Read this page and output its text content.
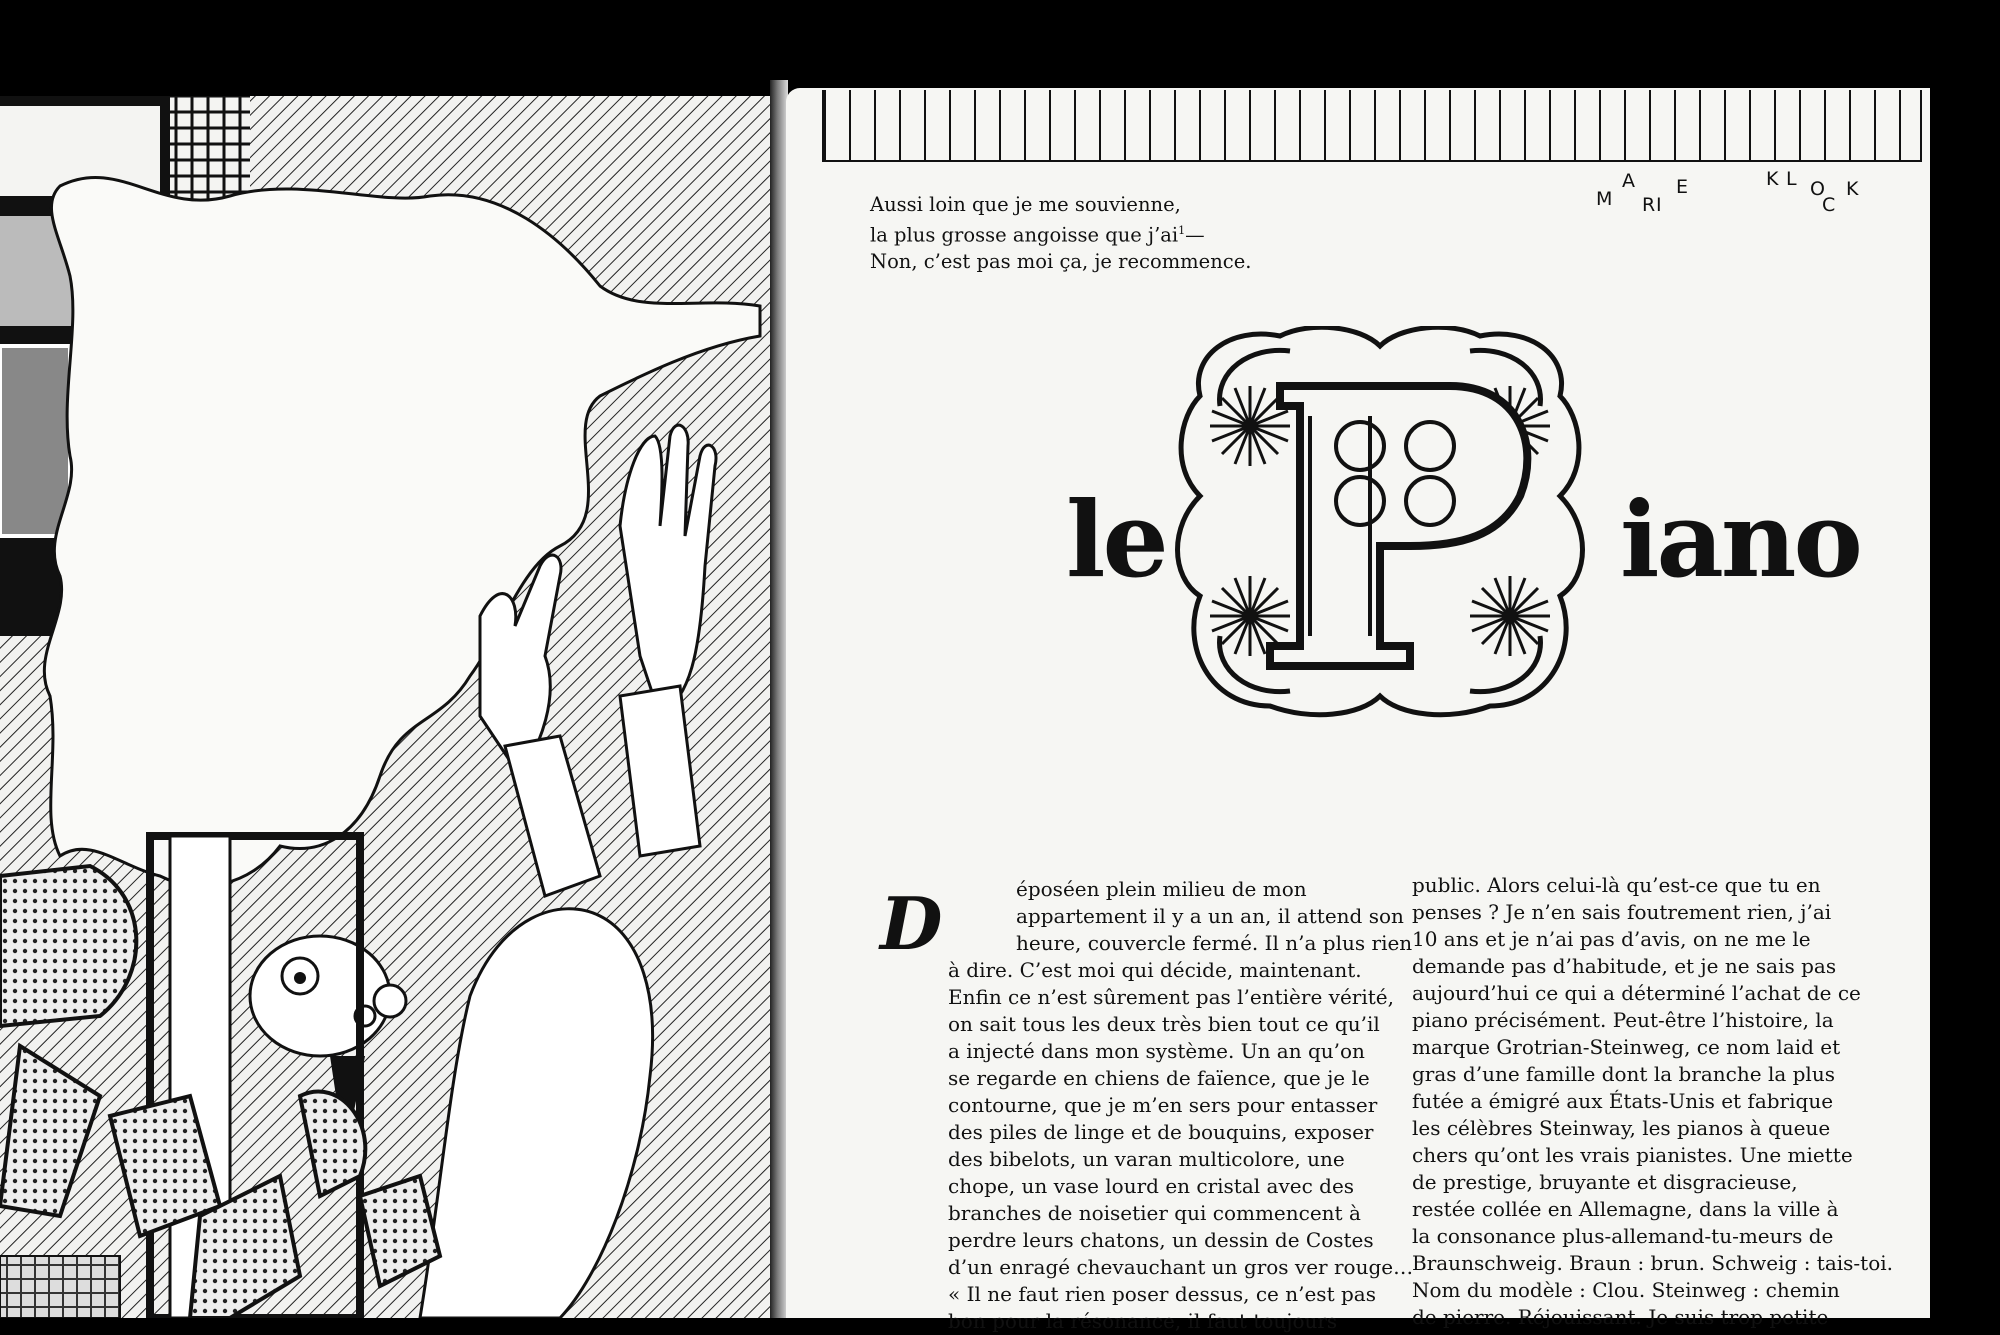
M
A
R I
E	K L O
C
K
Aussi loin que je me souvienne,
la plus grosse angoisse que $j’ai^1—$
Non, c’est pas moi ça, je recommence.
le	P	iano
D	époséen plein milieu de mon
appartement il y a un an, il attend son
heure, couvercle fermé. Il n’a plus rien
à dire. C’est moi qui décide, maintenant.
Enfin ce n’est sûrement pas l’entière vérité,
on sait tous les deux très bien tout ce qu’il
a injecté dans mon système. Un an qu’on
se regarde en chiens de faïence, que je le
contourne, que je m’en sers pour entasser
des piles de linge et de bouquins, exposer
des bibelots, un varan multicolore, une
chope, un vase lourd en cristal avec des
branches de noisetier qui commencent à
perdre leurs chatons, un dessin de Costes
d’un enragé chevauchant un gros ver rouge…
« Il ne faut rien poser dessus, ce n’est pas
bon pour la résonance, il faut toujours
public. Alors celui-là qu’est-ce que tu en
penses ? Je n’en sais foutrement rien, j’ai
10 ans et je n’ai pas d’avis, on ne me le
demande pas d’habitude, et je ne sais pas
aujourd’hui ce qui a déterminé l’achat de ce
piano précisément. Peut-être l’histoire, la
marque Grotrian-Steinweg, ce nom laid et
gras d’une famille dont la branche la plus
futée a émigré aux États-Unis et fabrique
les célèbres Steinway, les pianos à queue
chers qu’ont les vrais pianistes. Une miette
de prestige, bruyante et disgracieuse,
restée collée en Allemagne, dans la ville à
la consonance plus-allemand-tu-meurs de
Braunschweig. Braun : brun. Schweig : tais-toi.
Nom du modèle : Clou. Steinweg : chemin
de pierre. Réjouissant. Je suis trop petite
